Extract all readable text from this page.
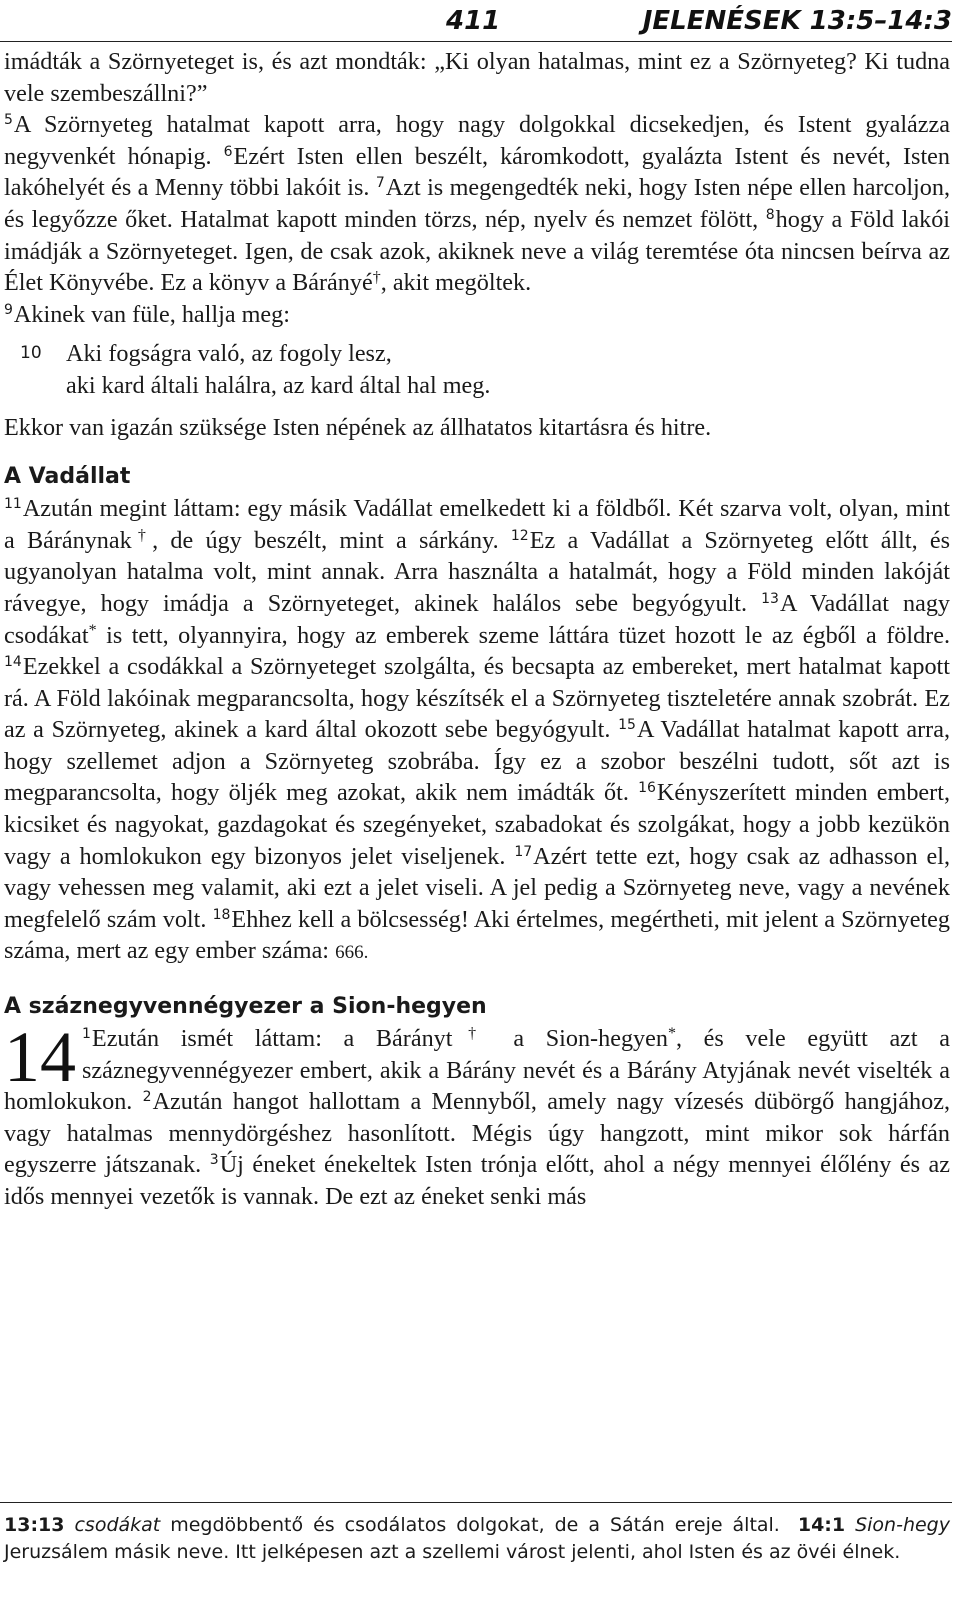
411	JELENÉSEK 13:5–14:3

imádták a Szörnyeteget is, és azt mondták: „Ki olyan hatalmas, mint ez a Szörnyeteg? Ki tudna vele szembeszállni?”

$^5$A Szörnyeteg hatalmat kapott arra, hogy nagy dolgokkal dicsekedjen, és Istent gyalázza negyvenkét hónapig. $^6$Ezért Isten ellen beszélt, káromkodott, gyalázta Istent és nevét, Isten lakóhelyét és a Menny többi lakóit is. $^7$Azt is megengedték neki, hogy Isten népe ellen harcoljon, és legyőzze őket. Hatalmat kapott minden törzs, nép, nyelv és nemzet fölött, $^8$hogy a Föld lakói imádják a Szörnyeteget. Igen, de csak azok, akiknek neve a világ teremtése óta nincsen beírva az Élet Könyvébe. Ez a könyv a Bárányé†, akit megöltek.

$^9$Akinek van füle, hallja meg:

10 Aki fogságra való, az fogoly lesz,
aki kard általi halálra, az kard által hal meg.

Ekkor van igazán szüksége Isten népének az állhatatos kitartásra és hitre.

A Vadállat

$^{11}$Azután megint láttam: egy másik Vadállat emelkedett ki a földből. Két szarva volt, olyan, mint a Báránynak†, de úgy beszélt, mint a sárkány. $^{12}$Ez a Vadállat a Szörnyeteg előtt állt, és ugyanolyan hatalma volt, mint annak. Arra használta a hatalmát, hogy a Föld minden lakóját rávegye, hogy imádja a Szörnyeteget, akinek halálos sebe begyógyult. $^{13}$A Vadállat nagy csodákat* is tett, olyannyira, hogy az emberek szeme láttára tüzet hozott le az égből a földre. $^{14}$Ezekkel a csodákkal a Szörnyeteget szolgálta, és becsapta az embereket, mert hatalmat kapott rá. A Föld lakóinak megparancsolta, hogy készítsék el a Szörnyeteg tiszteletére annak szobrát. Ez az a Szörnyeteg, akinek a kard által okozott sebe begyógyult. $^{15}$A Vadállat hatalmat kapott arra, hogy szellemet adjon a Szörnyeteg szobrába. Így ez a szobor beszélni tudott, sőt azt is megparancsolta, hogy öljék meg azokat, akik nem imádták őt. $^{16}$Kényszerített minden embert, kicsiket és nagyokat, gazdagokat és szegényeket, szabadokat és szolgákat, hogy a jobb kezükön vagy a homlokukon egy bizonyos jelet viseljenek. $^{17}$Azért tette ezt, hogy csak az adhasson el, vagy vehessen meg valamit, aki ezt a jelet viseli. A jel pedig a Szörnyeteg neve, vagy a nevének megfelelő szám volt. $^{18}$Ehhez kell a bölcsesség! Aki értelmes, megértheti, mit jelent a Szörnyeteg száma, mert az egy ember száma: 666.

A száznegyvennégyezer a Sion-hegyen

14 $^1$Ezután ismét láttam: a Bárányt† a Sion-hegyen*, és vele együtt azt a száznegyvennégyezer embert, akik a Bárány nevét és a Bárány Atyjának nevét viselték a homlokukon. $^2$Azután hangot hallottam a Mennyből, amely nagy vízesés dübörgő hangjához, vagy hatalmas mennydörgéshez hasonlított. Mégis úgy hangzott, mint mikor sok hárfán egyszerre játszanak. $^3$Új éneket énekeltek Isten trónja előtt, ahol a négy mennyei élőlény és az idős mennyei vezetők is vannak. De ezt az éneket senki más

13:13 csodákat megdöbbentő és csodálatos dolgokat, de a Sátán ereje által. 14:1 Sion-hegy Jeruzsálem másik neve. Itt jelképesen azt a szellemi várost jelenti, ahol Isten és az övéi élnek.
